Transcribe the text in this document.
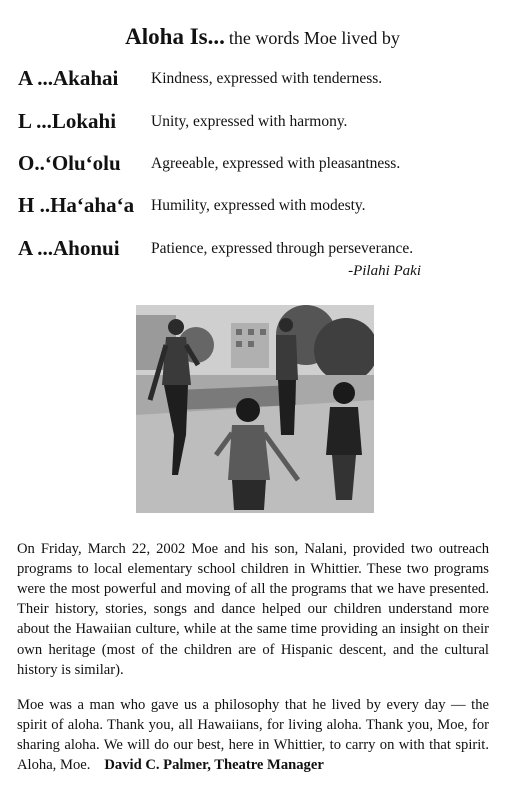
Aloha Is... the words Moe lived by
A ...Akahai Kindness, expressed with tenderness.
L ...Lokahi Unity, expressed with harmony.
O..‘Olu‘olu Agreeable, expressed with pleasantness.
H ..Ha‘aha‘a Humility, expressed with modesty.
A ...Ahonui Patience, expressed through perseverance.
-Pilahi Paki

On Friday, March 22, 2002 Moe and his son, Nalani, provided two outreach programs to local elementary school children in Whittier. These two programs were the most powerful and moving of all the programs that we have presented. Their history, stories, songs and dance helped our children understand more about the Hawaiian culture, while at the same time providing an insight on their own heritage (most of the children are of Hispanic descent, and the cultural history is similar).

Moe was a man who gave us a philosophy that he lived by every day — the spirit of aloha. Thank you, all Hawaiians, for living aloha. Thank you, Moe, for sharing aloha. We will do our best, here in Whittier, to carry on with that spirit. Aloha, Moe. David C. Palmer, Theatre Manager
